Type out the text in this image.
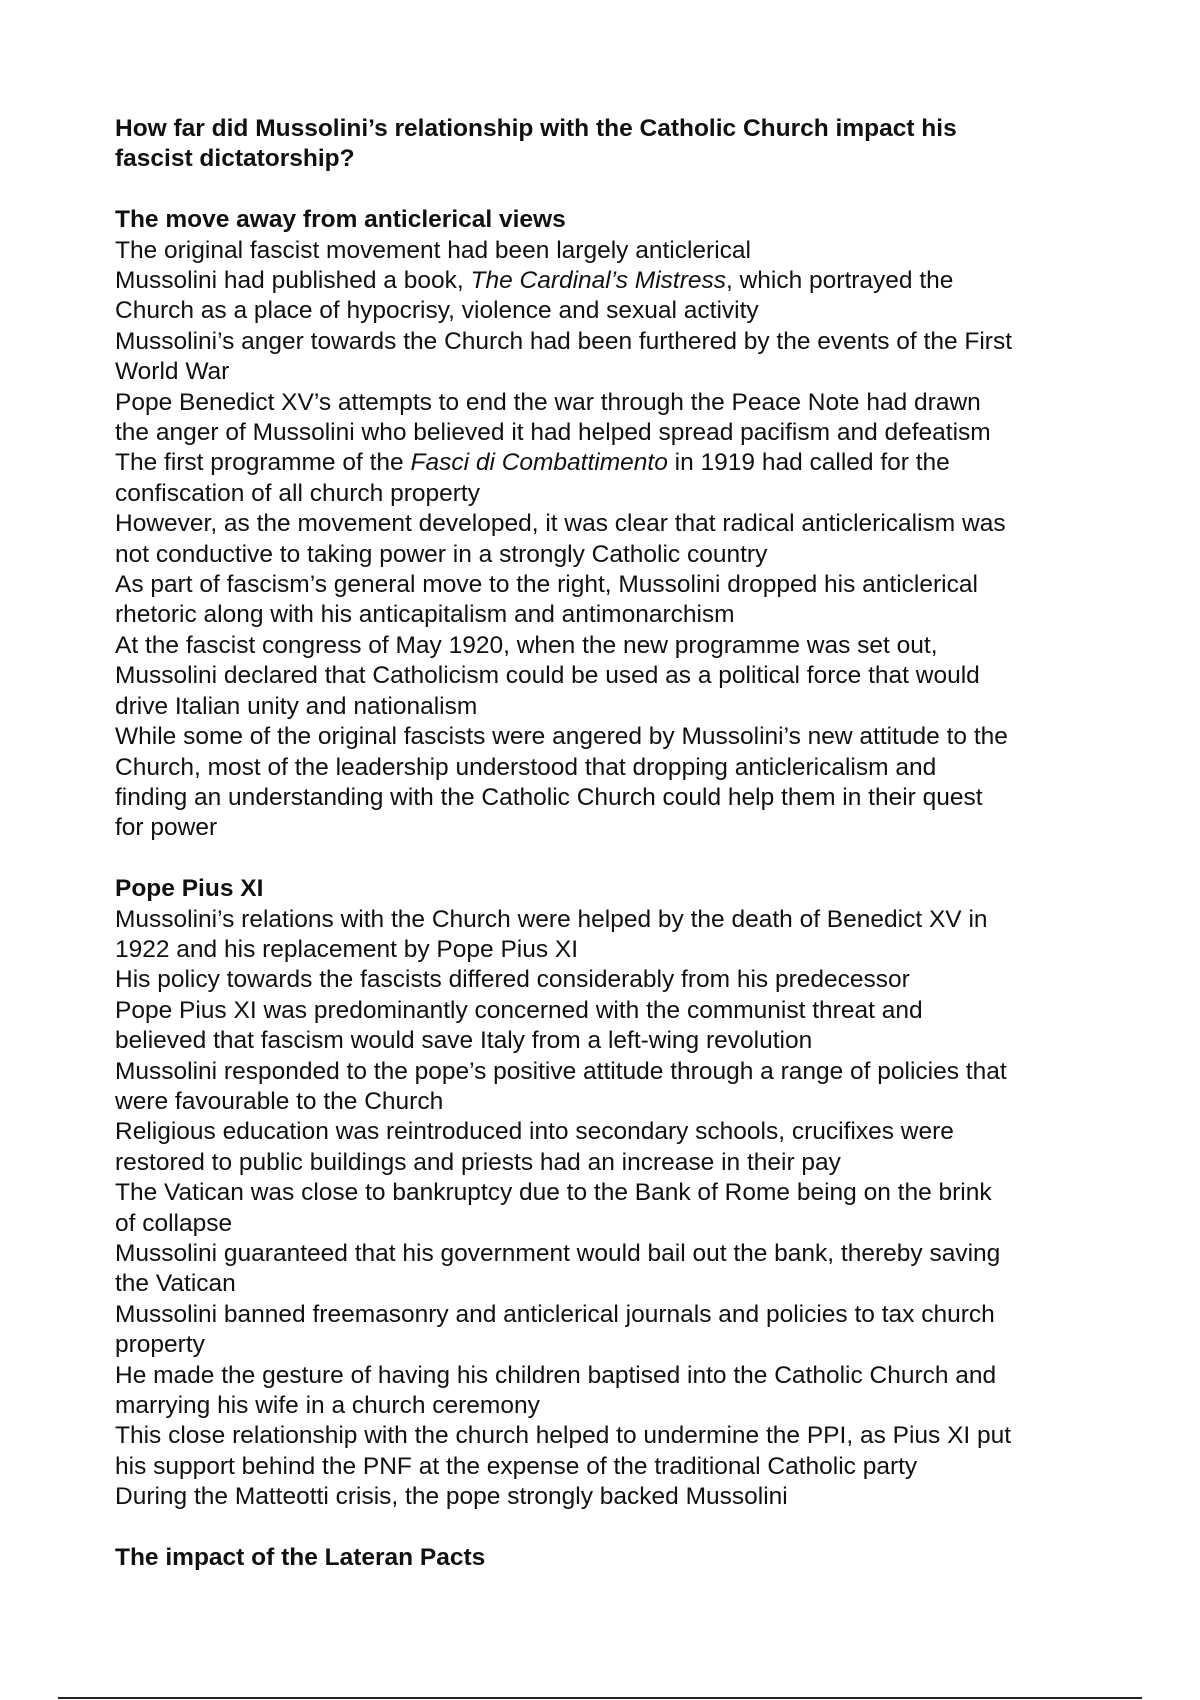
How far did Mussolini’s relationship with the Catholic Church impact his
fascist dictatorship?
The move away from anticlerical views
The original fascist movement had been largely anticlerical
Mussolini had published a book, The Cardinal’s Mistress, which portrayed the
Church as a place of hypocrisy, violence and sexual activity
Mussolini’s anger towards the Church had been furthered by the events of the First
World War
Pope Benedict XV’s attempts to end the war through the Peace Note had drawn
the anger of Mussolini who believed it had helped spread pacifism and defeatism
The first programme of the Fasci di Combattimento in 1919 had called for the
confiscation of all church property
However, as the movement developed, it was clear that radical anticlericalism was
not conductive to taking power in a strongly Catholic country
As part of fascism’s general move to the right, Mussolini dropped his anticlerical
rhetoric along with his anticapitalism and antimonarchism
At the fascist congress of May 1920, when the new programme was set out,
Mussolini declared that Catholicism could be used as a political force that would
drive Italian unity and nationalism
While some of the original fascists were angered by Mussolini’s new attitude to the
Church, most of the leadership understood that dropping anticlericalism and
finding an understanding with the Catholic Church could help them in their quest
for power
Pope Pius XI
Mussolini’s relations with the Church were helped by the death of Benedict XV in
1922 and his replacement by Pope Pius XI
His policy towards the fascists differed considerably from his predecessor
Pope Pius XI was predominantly concerned with the communist threat and
believed that fascism would save Italy from a left-wing revolution
Mussolini responded to the pope’s positive attitude through a range of policies that
were favourable to the Church
Religious education was reintroduced into secondary schools, crucifixes were
restored to public buildings and priests had an increase in their pay
The Vatican was close to bankruptcy due to the Bank of Rome being on the brink
of collapse
Mussolini guaranteed that his government would bail out the bank, thereby saving
the Vatican
Mussolini banned freemasonry and anticlerical journals and policies to tax church
property
He made the gesture of having his children baptised into the Catholic Church and
marrying his wife in a church ceremony
This close relationship with the church helped to undermine the PPI, as Pius XI put
his support behind the PNF at the expense of the traditional Catholic party
During the Matteotti crisis, the pope strongly backed Mussolini
The impact of the Lateran Pacts
